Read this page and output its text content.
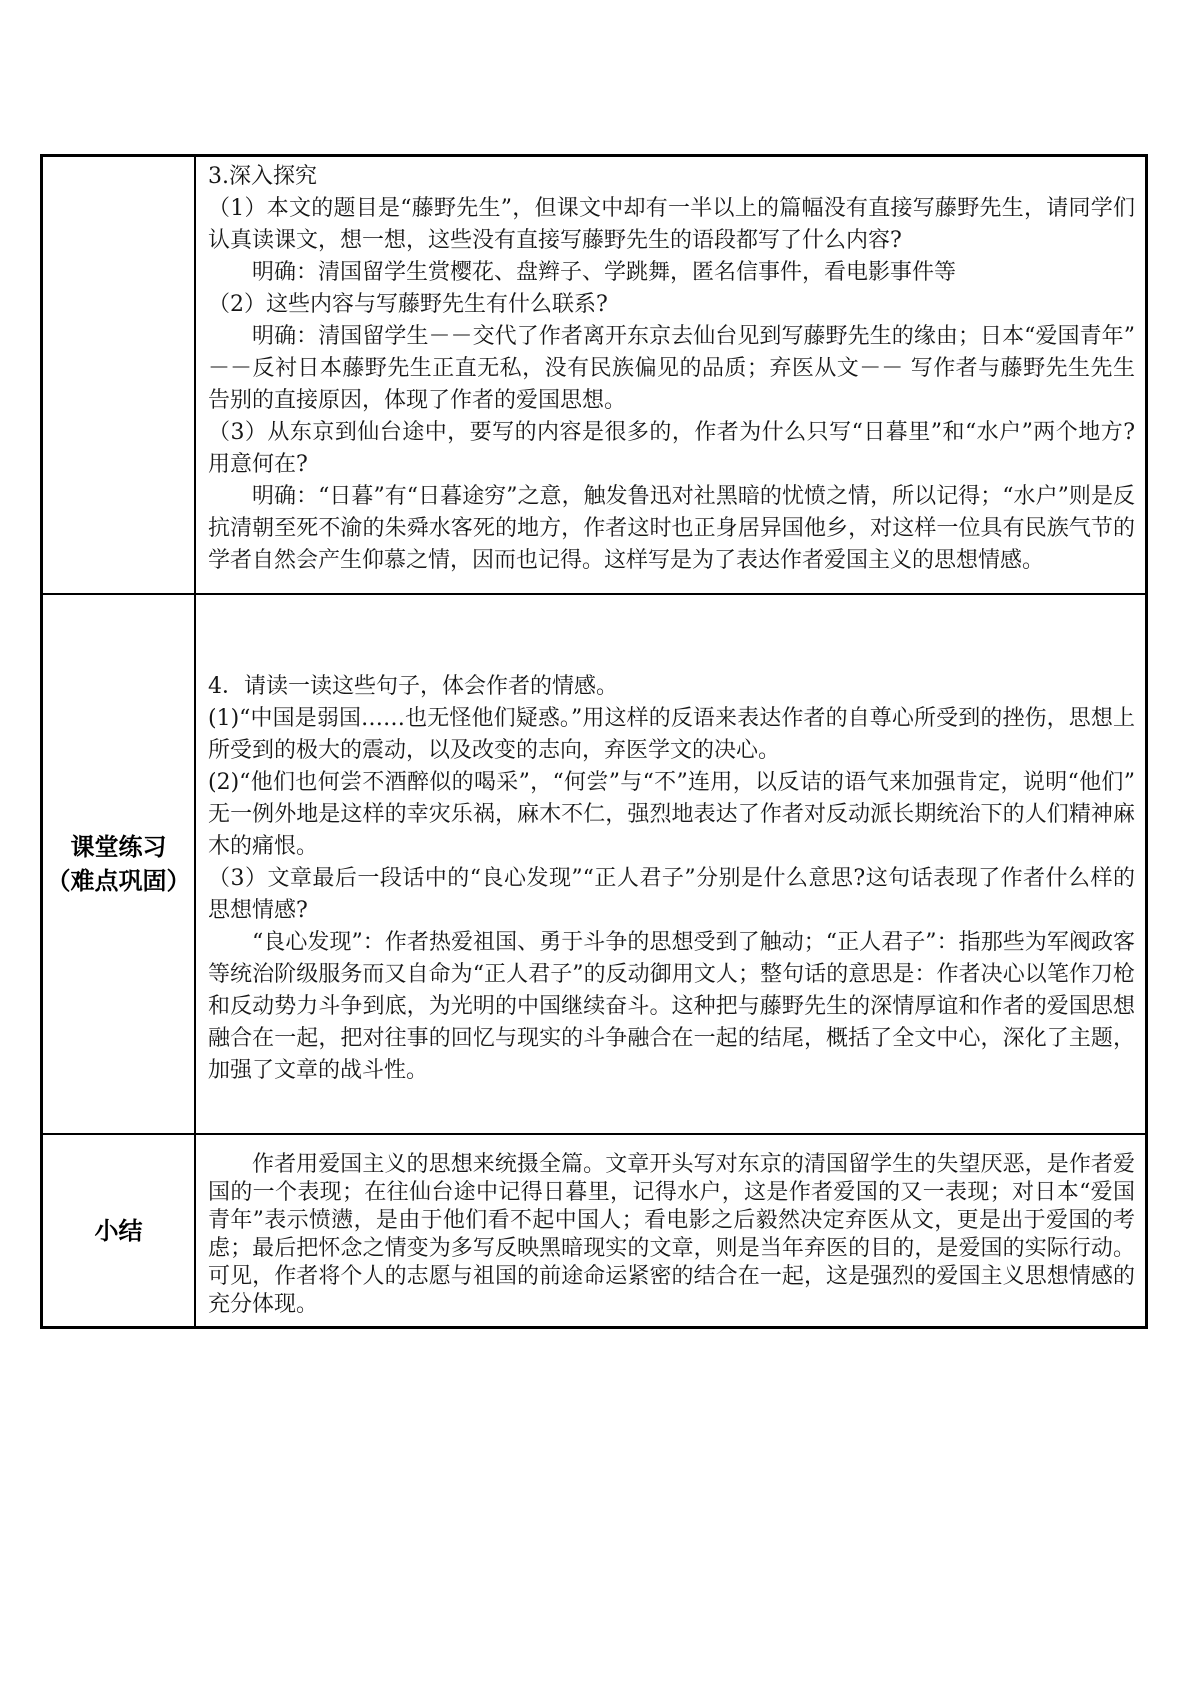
3.深入探究

（1）本文的题目是“藤野先生”，但课文中却有一半以上的篇幅没有直接写藤野先生，请同学们认真读课文，想一想，这些没有直接写藤野先生的语段都写了什么内容?

明确：清国留学生赏樱花、盘辫子、学跳舞，匿名信事件，看电影事件等

（2）这些内容与写藤野先生有什么联系?

明确：清国留学生－－交代了作者离开东京去仙台见到写藤野先生的缘由；日本“爱国青年”－－反衬日本藤野先生正直无私，没有民族偏见的品质；弃医从文－－ 写作者与藤野先生先生告别的直接原因，体现了作者的爱国思想。

（3）从东京到仙台途中，要写的内容是很多的，作者为什么只写“日暮里”和“水户”两个地方?用意何在?

明确：“日暮”有“日暮途穷”之意，触发鲁迅对社黑暗的忧愤之情，所以记得；“水户”则是反抗清朝至死不渝的朱舜水客死的地方，作者这时也正身居异国他乡，对这样一位具有民族气节的学者自然会产生仰慕之情，因而也记得。这样写是为了表达作者爱国主义的思想情感。

课堂练习
（难点巩固）

4．请读一读这些句子，体会作者的情感。

(1)“中国是弱国……也无怪他们疑惑。”用这样的反语来表达作者的自尊心所受到的挫伤，思想上所受到的极大的震动，以及改变的志向，弃医学文的决心。

(2)“他们也何尝不酒醉似的喝采”，“何尝”与“不”连用，以反诘的语气来加强肯定，说明“他们”无一例外地是这样的幸灾乐祸，麻木不仁，强烈地表达了作者对反动派长期统治下的人们精神麻木的痛恨。

（3）文章最后一段话中的“良心发现”“正人君子”分别是什么意思?这句话表现了作者什么样的思想情感?

“良心发现”：作者热爱祖国、勇于斗争的思想受到了触动；“正人君子”：指那些为军阀政客等统治阶级服务而又自命为“正人君子”的反动御用文人；整句话的意思是：作者决心以笔作刀枪和反动势力斗争到底，为光明的中国继续奋斗。这种把与藤野先生的深情厚谊和作者的爱国思想融合在一起，把对往事的回忆与现实的斗争融合在一起的结尾，概括了全文中心，深化了主题，加强了文章的战斗性。

小结

作者用爱国主义的思想来统摄全篇。文章开头写对东京的清国留学生的失望厌恶，是作者爱国的一个表现；在往仙台途中记得日暮里，记得水户，这是作者爱国的又一表现；对日本“爱国青年”表示愤懑，是由于他们看不起中国人；看电影之后毅然决定弃医从文，更是出于爱国的考虑；最后把怀念之情变为多写反映黑暗现实的文章，则是当年弃医的目的，是爱国的实际行动。可见，作者将个人的志愿与祖国的前途命运紧密的结合在一起，这是强烈的爱国主义思想情感的充分体现。
